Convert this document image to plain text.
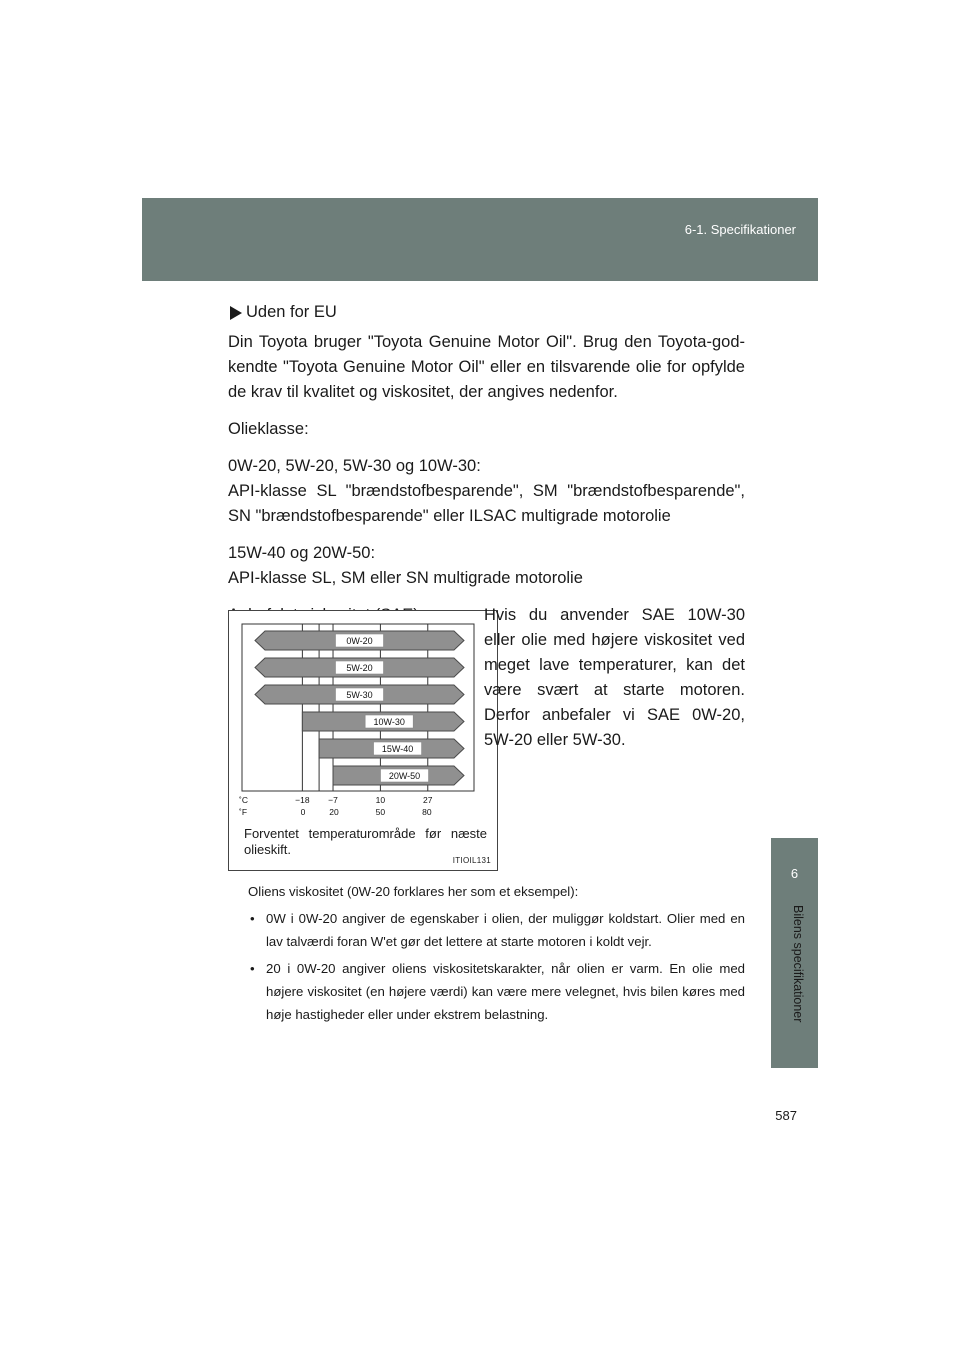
6-1. Specifikationer
6
Bilens specifikationer

Uden for EU

Din Toyota bruger "Toyota Genuine Motor Oil". Brug den Toyota-god-kendte "Toyota Genuine Motor Oil" eller en tilsvarende olie for opfylde de krav til kvalitet og viskositet, der angives nedenfor.

Olieklasse:

0W-20, 5W-20, 5W-30 og 10W-30:

API-klasse SL "brændstofbesparende", SM "brændstofbesparende", SN "brændstofbesparende" eller ILSAC multigrade motorolie

15W-40 og 20W-50:

API-klasse SL, SM eller SN multigrade motorolie

0W-20
5W-20
5W-30
10W-30
15W-40
20W-50
˚C
˚F
−18 −7	10	27
0	20	50	80
Forventet temperaturområde før næste olieskift.
ITIOIL131
Hvis du anvender SAE 10W-30 eller olie med højere viskositet ved meget lave temperaturer, kan det være svært at starte motoren. Derfor anbefaler vi SAE 0W-20, 5W-20 eller 5W-30.

Oliens viskositet (0W-20 forklares her som et eksempel):

• 0W i 0W-20 angiver de egenskaber i olien, der muliggør koldstart. Olier med en lav talværdi foran W'et gør det lettere at starte motoren i koldt vejr.

• 20 i 0W-20 angiver oliens viskositetskarakter, når olien er varm. En olie med højere viskositet (en højere værdi) kan være mere velegnet, hvis bilen køres med høje hastigheder eller under ekstrem belastning.

587
